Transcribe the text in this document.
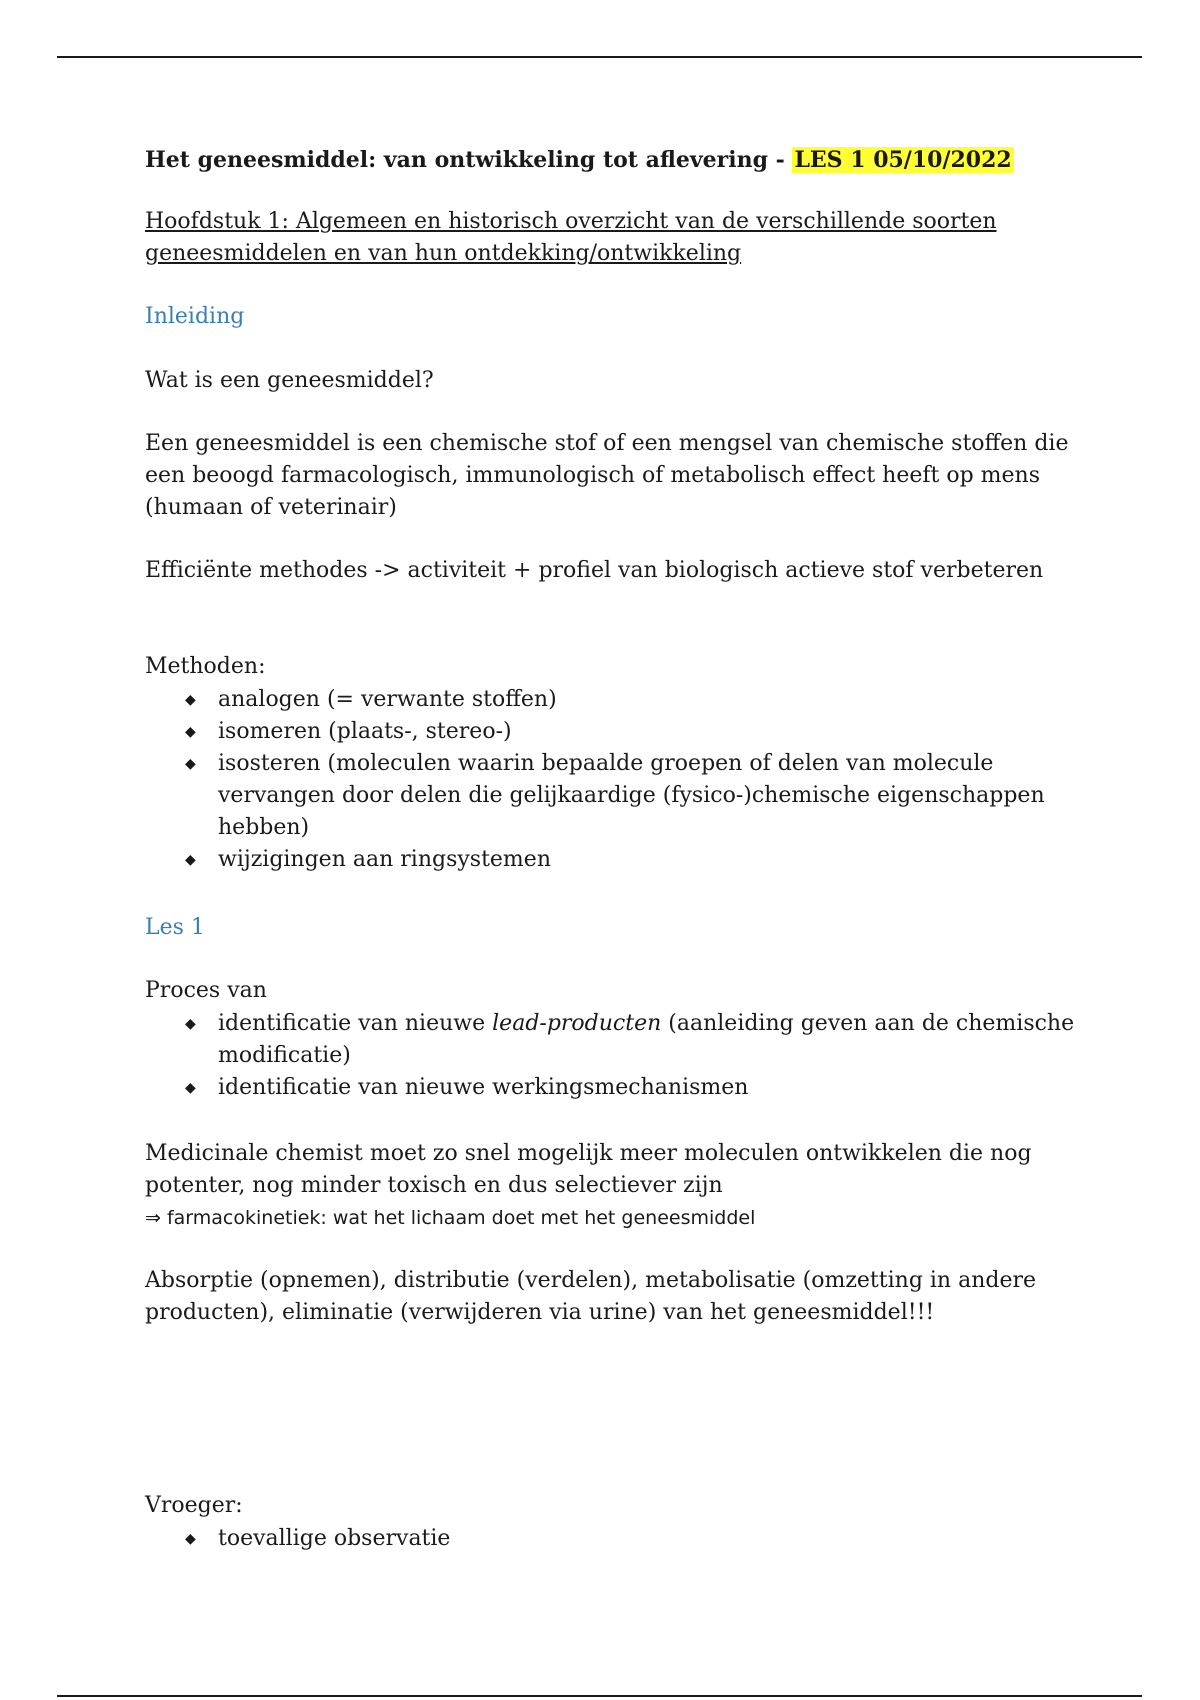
Het geneesmiddel: van ontwikkeling tot aflevering - LES 1 05/10/2022

Hoofdstuk 1: Algemeen en historisch overzicht van de verschillende soorten geneesmiddelen en van hun ontdekking/ontwikkeling

Inleiding

Wat is een geneesmiddel?

Een geneesmiddel is een chemische stof of een mengsel van chemische stoffen die een beoogd farmacologisch, immunologisch of metabolisch effect heeft op mens (humaan of veterinair)

Efficiënte methodes -> activiteit + profiel van biologisch actieve stof verbeteren

Methoden:

◆ analogen (= verwante stoffen)
◆ isomeren (plaats-, stereo-)
◆ isosteren (moleculen waarin bepaalde groepen of delen van molecule vervangen door delen die gelijkaardige (fysico-)chemische eigenschappen hebben)
◆ wijzigingen aan ringsystemen

Les 1

Proces van

◆ identificatie van nieuwe lead-producten (aanleiding geven aan de chemische modificatie)
◆ identificatie van nieuwe werkingsmechanismen

Medicinale chemist moet zo snel mogelijk meer moleculen ontwikkelen die nog potenter, nog minder toxisch en dus selectiever zijn

⇒ farmacokinetiek: wat het lichaam doet met het geneesmiddel

Absorptie (opnemen), distributie (verdelen), metabolisatie (omzetting in andere producten), eliminatie (verwijderen via urine) van het geneesmiddel!!!

Vroeger:

◆ toevallige observatie
